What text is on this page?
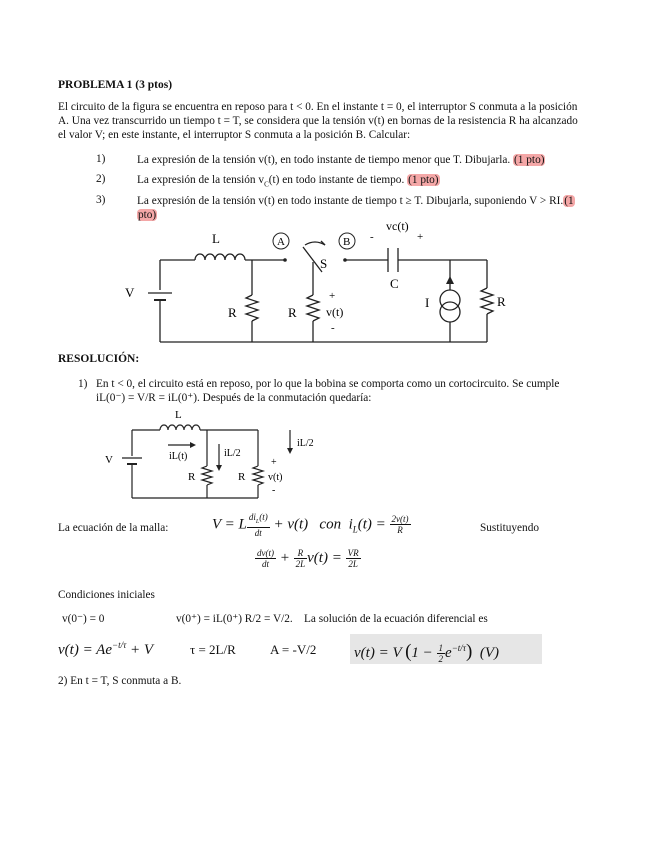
PROBLEMA 1 (3 ptos)
El circuito de la figura se encuentra en reposo para t < 0. En el instante t = 0, el interruptor S conmuta a la posición
A. Una vez transcurrido un tiempo t = T, se considera que la tensión v(t) en bornas de la resistencia R ha alcanzado
el valor V; en este instante, el interruptor S conmuta a la posición B. Calcular:
1)	La expresión de la tensión v(t), en todo instante de tiempo menor que T. Dibujarla. (1 pto)
2)	La expresión de la tensión $v_C(t)$ en todo instante de tiempo. (1 pto)
3)	La expresión de la tensión v(t) en todo instante de tiempo t ≥ T. Dibujarla, suponiendo V > RI.(1
pto)
L	A	B
S
V
R	R
R
+
v(t)
-
C
I
vc(t)
-	+
RESOLUCIÓN:
1) En t < 0, el circuito está en reposo, por lo que la bobina se comporta como un cortocircuito. Se cumple
iL(0⁻) = V/R = iL(0⁺). Después de la conmutación quedaría:
L
V	iL(t)	iL/2
iL/2
R	R
+
v(t)
-
La ecuación de la malla:	V = L $\frac{di_L(t)}{dt} + v(t)$   con  $i_L(t) = \frac{2v(t)}{R}$	Sustituyendo
$\frac{dv(t)}{dt} + \frac{R}{2L} v(t) = \frac{VR}{2L}$
Condiciones iniciales
v(0⁻) = 0	v(0⁺) = iL(0⁺) R/2 = V/2. La solución de la ecuación diferencial es
$v(t) = Ae^{-t/\tau} + V$	τ = 2L/R	A = -V/2	v(t) = V $(1 - \frac{1}{2} e^{-t/\tau})$  (V)
2) En t = T, S conmuta a B.
